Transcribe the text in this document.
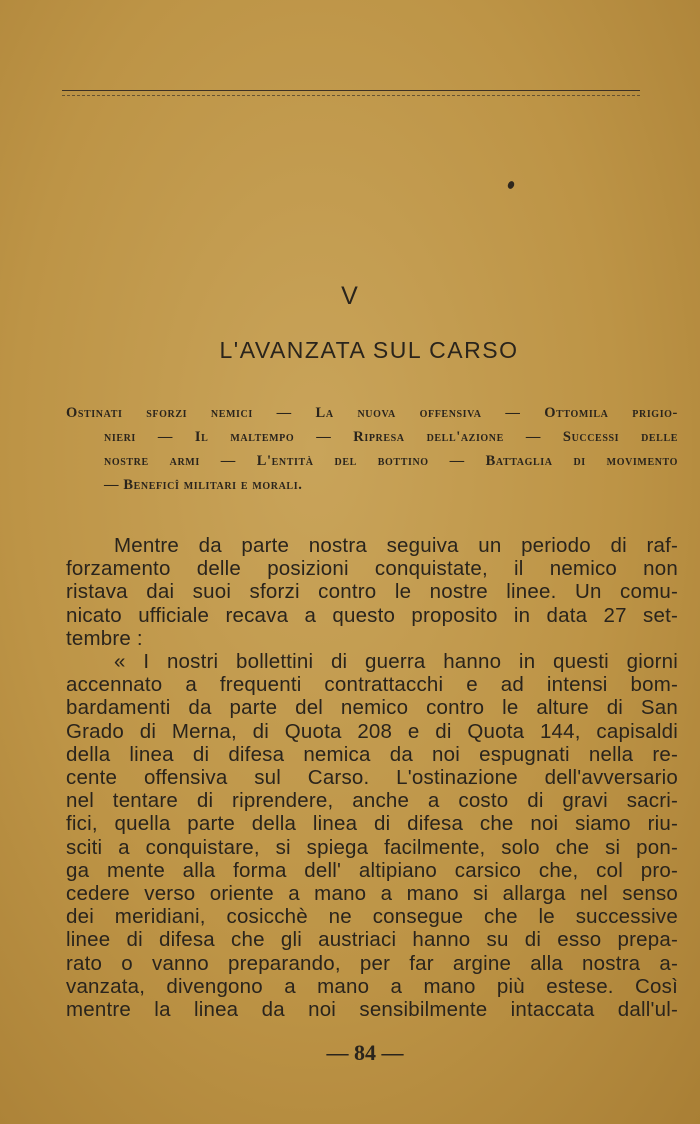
V
L'AVANZATA SUL CARSO
Ostinati sforzi nemici — La nuova offensiva — Ottomila prigio-
nieri — Il maltempo — Ripresa dell'azione — Successi delle
nostre armi — L'entità del bottino — Battaglia di movimento
— Beneficî militari e morali.
Mentre da parte nostra seguiva un periodo di raf-
forzamento delle posizioni conquistate, il nemico non
ristava dai suoi sforzi contro le nostre linee. Un comu-
nicato ufficiale recava a questo proposito in data 27 set-
tembre :
« I nostri bollettini di guerra hanno in questi giorni
accennato a frequenti contrattacchi e ad intensi bom-
bardamenti da parte del nemico contro le alture di San
Grado di Merna, di Quota 208 e di Quota 144, capisaldi
della linea di difesa nemica da noi espugnati nella re-
cente offensiva sul Carso. L'ostinazione dell'avversario
nel tentare di riprendere, anche a costo di gravi sacri-
fici, quella parte della linea di difesa che noi siamo riu-
sciti a conquistare, si spiega facilmente, solo che si pon-
ga mente alla forma dell' altipiano carsico che, col pro-
cedere verso oriente a mano a mano si allarga nel senso
dei meridiani, cosicchè ne consegue che le successive
linee di difesa che gli austriaci hanno su di esso prepa-
rato o vanno preparando, per far argine alla nostra a-
vanzata, divengono a mano a mano più estese. Così
mentre la linea da noi sensibilmente intaccata dall'ul-
— 84 —
